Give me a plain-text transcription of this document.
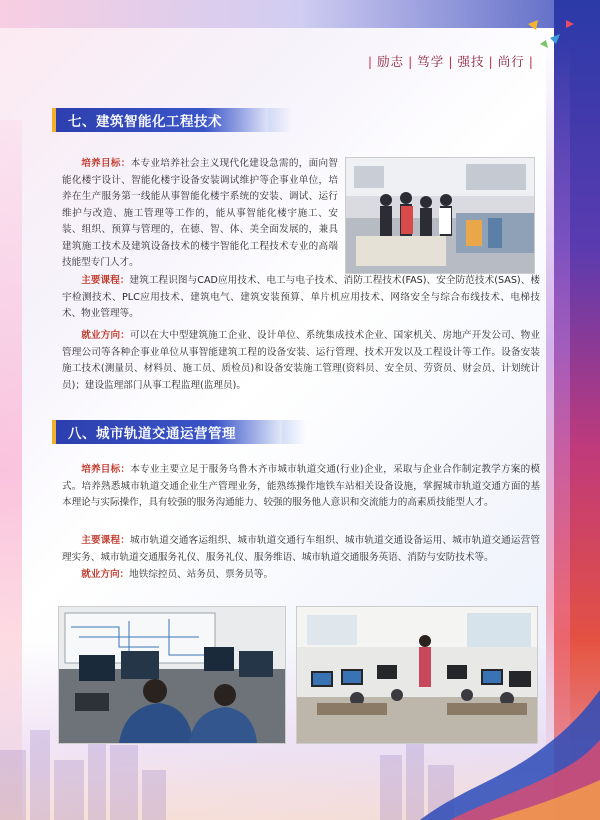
| 励志 | 笃学 | 强技 | 尚行 |
七、建筑智能化工程技术
培养目标：本专业培养社会主义现代化建设急需的，面向智能化楼宇设计、智能化楼宇设备安装调试维护等企事业单位，培养在生产服务第一线能从事智能化楼宇系统的安装、调试、运行维护与改造、施工管理等工作的，能从事智能化楼宇施工、安装、组织、预算与管理的，在德、智、体、美全面发展的，兼具建筑施工技术及建筑设备技术的楼宇智能化工程技术专业的高端技能型专门人才。
主要课程：建筑工程识图与CAD应用技术、电工与电子技术、消防工程技术(FAS)、安全防范技术(SAS)、楼宇检测技术、PLC应用技术、建筑电气、建筑安装预算、单片机应用技术、网络安全与综合布线技术、电梯技术、物业管理等。
就业方向：可以在大中型建筑施工企业、设计单位、系统集成技术企业、国家机关、房地产开发公司、物业管理公司等各种企事业单位从事智能建筑工程的设备安装、运行管理、技术开发以及工程设计等工作。设备安装施工技术(测量员、材料员、施工员、质检员)和设备安装施工管理(资料员、安全员、劳资员、财会员、计划统计员)；建设监理部门从事工程监理(监理员)。
八、城市轨道交通运营管理
培养目标：本专业主要立足于服务乌鲁木齐市城市轨道交通(行业)企业，采取与企业合作制定教学方案的模式。培养熟悉城市轨道交通企业生产管理业务，能熟练操作地铁车站相关设备设施，掌握城市轨道交通方面的基本理论与实际操作，具有较强的服务沟通能力、较强的服务他人意识和交流能力的高素质技能型人才。
主要课程：城市轨道交通客运组织、城市轨道交通行车组织、城市轨道交通设备运用、城市轨道交通运营管理实务、城市轨道交通服务礼仪、服务礼仪、服务维语、城市轨道交通服务英语、消防与安防技术等。
就业方向：地铁综控员、站务员、票务员等。
